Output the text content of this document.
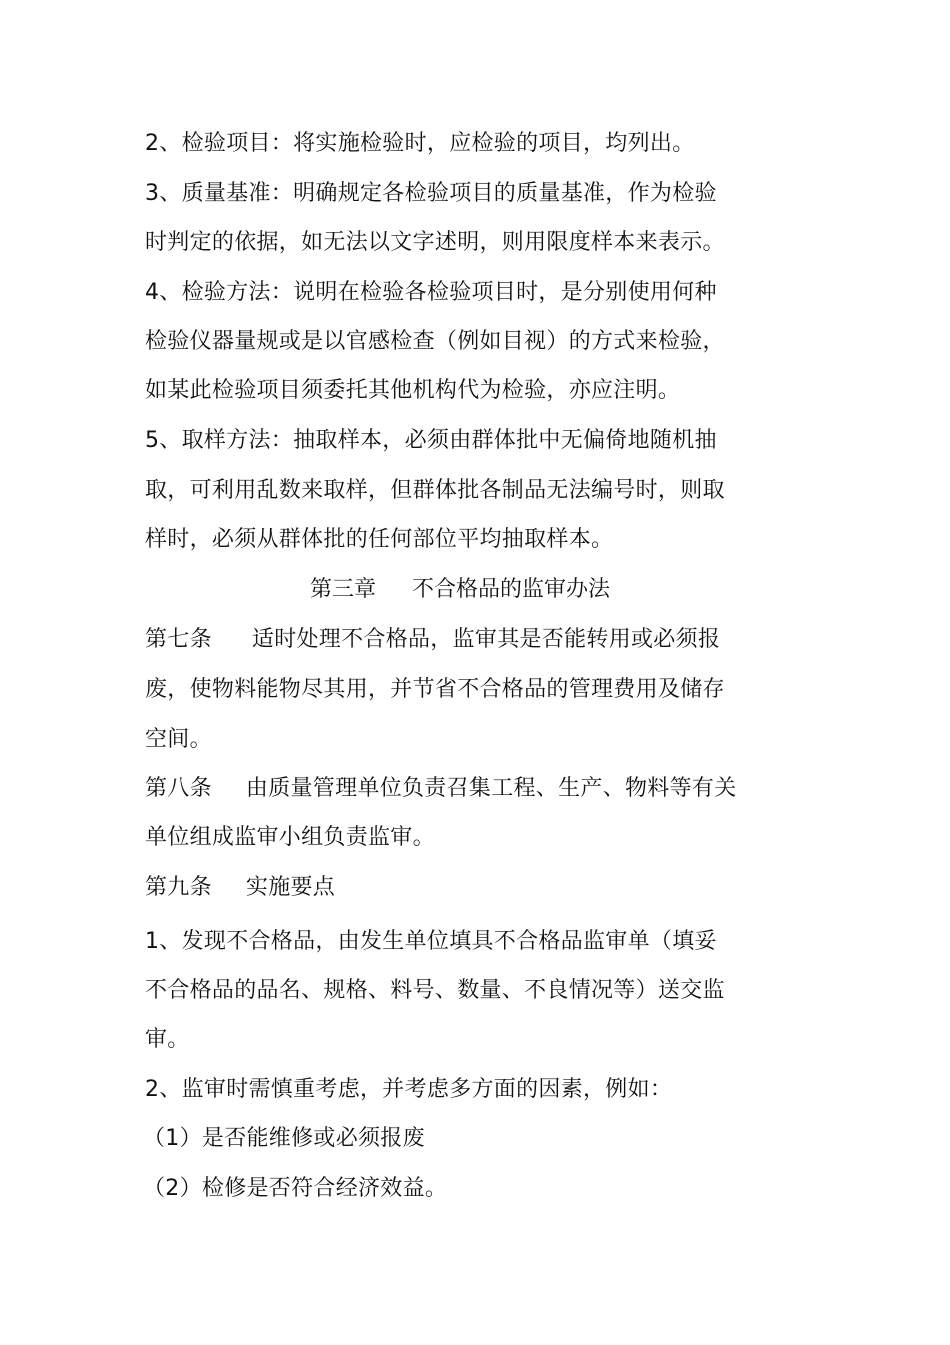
2、检验项目：将实施检验时，应检验的项目，均列出。
3、质量基准：明确规定各检验项目的质量基准，作为检验
时判定的依据，如无法以文字述明，则用限度样本来表示。
4、检验方法：说明在检验各检验项目时，是分别使用何种
检验仪器量规或是以官感检查（例如目视）的方式来检验，
如某此检验项目须委托其他机构代为检验，亦应注明。
5、取样方法：抽取样本，必须由群体批中无偏倚地随机抽
取，可利用乱数来取样，但群体批各制品无法编号时，则取
样时，必须从群体批的任何部位平均抽取样本。
第三章 不合格品的监审办法
第七条 适时处理不合格品，监审其是否能转用或必须报
废，使物料能物尽其用，并节省不合格品的管理费用及储存
空间。
第八条 由质量管理单位负责召集工程、生产、物料等有关
单位组成监审小组负责监审。
第九条 实施要点
1、发现不合格品，由发生单位填具不合格品监审单（填妥
不合格品的品名、规格、料号、数量、不良情况等）送交监
审。
2、监审时需慎重考虑，并考虑多方面的因素，例如：
（1）是否能维修或必须报废
（2）检修是否符合经济效益。
